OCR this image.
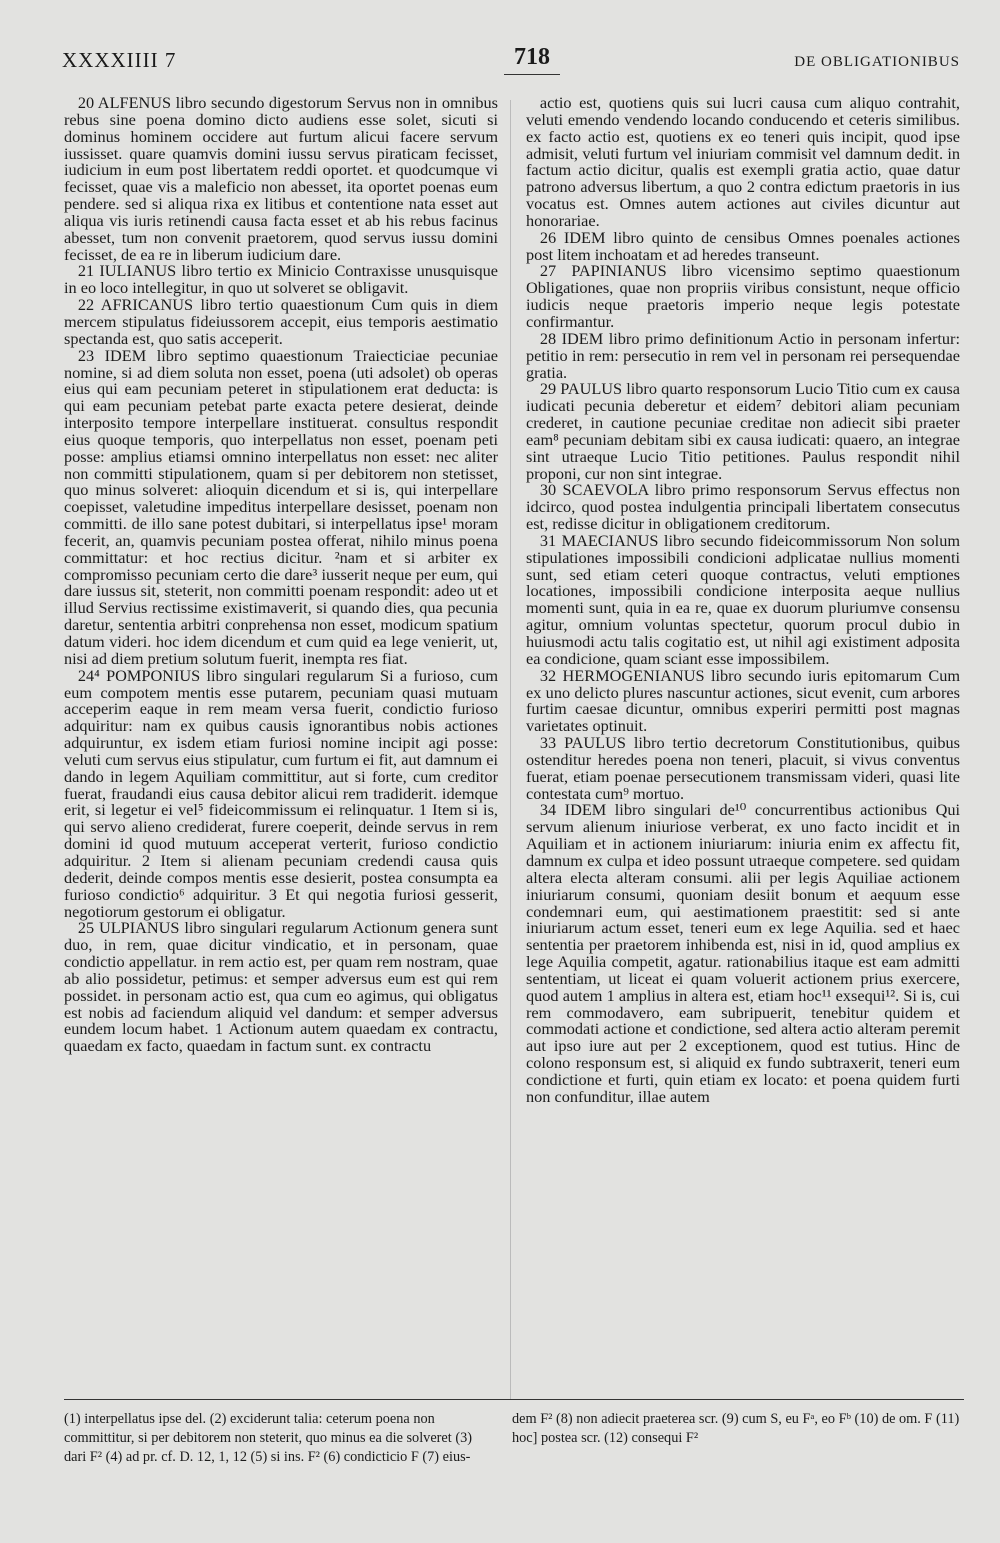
XXXXIIII 7	718	DE OBLIGATIONIBUS

20 ALFENUS libro secundo digestorum Servus non in omnibus rebus sine poena domino dicto audiens esse solet, sicuti si dominus hominem occidere aut furtum alicui facere servum iussisset. quare quamvis domini iussu servus piraticam fecisset, iudicium in eum post libertatem reddi oportet. et quodcumque vi fecisset, quae vis a maleficio non abesset, ita oportet poenas eum pendere. sed si aliqua rixa ex litibus et contentione nata esset aut aliqua vis iuris retinendi causa facta esset et ab his rebus facinus abesset, tum non convenit praetorem, quod servus iussu domini fecisset, de ea re in liberum iudicium dare.

21 IULIANUS libro tertio ex Minicio Contraxisse unusquisque in eo loco intellegitur, in quo ut solveret se obligavit.

22 AFRICANUS libro tertio quaestionum Cum quis in diem mercem stipulatus fideiussorem accepit, eius temporis aestimatio spectanda est, quo satis acceperit.

23 IDEM libro septimo quaestionum Traiecticiae pecuniae nomine, si ad diem soluta non esset, poena (uti adsolet) ob operas eius qui eam pecuniam peteret in stipulationem erat deducta: is qui eam pecuniam petebat parte exacta petere desierat, deinde interposito tempore interpellare instituerat. consultus respondit eius quoque temporis, quo interpellatus non esset, poenam peti posse: amplius etiamsi omnino interpellatus non esset: nec aliter non committi stipulationem, quam si per debitorem non stetisset, quo minus solveret: alioquin dicendum et si is, qui interpellare coepisset, valetudine impeditus interpellare desisset, poenam non committi. de illo sane potest dubitari, si interpellatus ipse¹ moram fecerit, an, quamvis pecuniam postea offerat, nihilo minus poena committatur: et hoc rectius dicitur. ²nam et si arbiter ex compromisso pecuniam certo die dare³ iusserit neque per eum, qui dare iussus sit, steterit, non committi poenam respondit: adeo ut et illud Servius rectissime existimaverit, si quando dies, qua pecunia daretur, sententia arbitri conprehensa non esset, modicum spatium datum videri. hoc idem dicendum et cum quid ea lege venierit, ut, nisi ad diem pretium solutum fuerit, inempta res fiat.

24⁴ POMPONIUS libro singulari regularum Si a furioso, cum eum compotem mentis esse putarem, pecuniam quasi mutuam acceperim eaque in rem meam versa fuerit, condictio furioso adquiritur: nam ex quibus causis ignorantibus nobis actiones adquiruntur, ex isdem etiam furiosi nomine incipit agi posse: veluti cum servus eius stipulatur, cum furtum ei fit, aut damnum ei dando in legem Aquiliam committitur, aut si forte, cum creditor fuerat, fraudandi eius causa debitor alicui rem tradiderit. idemque erit, si legetur ei vel⁵ fideicommissum ei relinquatur. 1 Item si is, qui servo alieno crediderat, furere coeperit, deinde servus in rem domini id quod mutuum acceperat verterit, furioso condictio adquiritur. 2 Item si alienam pecuniam credendi causa quis dederit, deinde compos mentis esse desierit, postea consumpta ea furioso condictio⁶ adquiritur. 3 Et qui negotia furiosi gesserit, negotiorum gestorum ei obligatur.

25 ULPIANUS libro singulari regularum Actionum genera sunt duo, in rem, quae dicitur vindicatio, et in personam, quae condictio appellatur. in rem actio est, per quam rem nostram, quae ab alio possidetur, petimus: et semper adversus eum est qui rem possidet. in personam actio est, qua cum eo agimus, qui obligatus est nobis ad faciendum aliquid vel dandum: et semper adversus eundem locum habet. 1 Actionum autem quaedam ex contractu, quaedam ex facto, quaedam in factum sunt. ex contractu

actio est, quotiens quis sui lucri causa cum aliquo contrahit, veluti emendo vendendo locando conducendo et ceteris similibus. ex facto actio est, quotiens ex eo teneri quis incipit, quod ipse admisit, veluti furtum vel iniuriam commisit vel damnum dedit. in factum actio dicitur, qualis est exempli gratia actio, quae datur patrono adversus libertum, a quo 2 contra edictum praetoris in ius vocatus est. Omnes autem actiones aut civiles dicuntur aut honorariae.

26 IDEM libro quinto de censibus Omnes poenales actiones post litem inchoatam et ad heredes transeunt.

27 PAPINIANUS libro vicensimo septimo quaestionum Obligationes, quae non propriis viribus consistunt, neque officio iudicis neque praetoris imperio neque legis potestate confirmantur.

28 IDEM libro primo definitionum Actio in personam infertur: petitio in rem: persecutio in rem vel in personam rei persequendae gratia.

29 PAULUS libro quarto responsorum Lucio Titio cum ex causa iudicati pecunia deberetur et eidem⁷ debitori aliam pecuniam crederet, in cautione pecuniae creditae non adiecit sibi praeter eam⁸ pecuniam debitam sibi ex causa iudicati: quaero, an integrae sint utraeque Lucio Titio petitiones. Paulus respondit nihil proponi, cur non sint integrae.

30 SCAEVOLA libro primo responsorum Servus effectus non idcirco, quod postea indulgentia principali libertatem consecutus est, redisse dicitur in obligationem creditorum.

31 MAECIANUS libro secundo fideicommissorum Non solum stipulationes impossibili condicioni adplicatae nullius momenti sunt, sed etiam ceteri quoque contractus, veluti emptiones locationes, impossibili condicione interposita aeque nullius momenti sunt, quia in ea re, quae ex duorum pluriumve consensu agitur, omnium voluntas spectetur, quorum procul dubio in huiusmodi actu talis cogitatio est, ut nihil agi existiment adposita ea condicione, quam sciant esse impossibilem.

32 HERMOGENIANUS libro secundo iuris epitomarum Cum ex uno delicto plures nascuntur actiones, sicut evenit, cum arbores furtim caesae dicuntur, omnibus experiri permitti post magnas varietates optinuit.

33 PAULUS libro tertio decretorum Constitutionibus, quibus ostenditur heredes poena non teneri, placuit, si vivus conventus fuerat, etiam poenae persecutionem transmissam videri, quasi lite contestata cum⁹ mortuo.

34 IDEM libro singulari de¹⁰ concurrentibus actionibus Qui servum alienum iniuriose verberat, ex uno facto incidit et in Aquiliam et in actionem iniuriarum: iniuria enim ex affectu fit, damnum ex culpa et ideo possunt utraeque competere. sed quidam altera electa alteram consumi. alii per legis Aquiliae actionem iniuriarum consumi, quoniam desiit bonum et aequum esse condemnari eum, qui aestimationem praestitit: sed si ante iniuriarum actum esset, teneri eum ex lege Aquilia. sed et haec sententia per praetorem inhibenda est, nisi in id, quod amplius ex lege Aquilia competit, agatur. rationabilius itaque est eam admitti sententiam, ut liceat ei quam voluerit actionem prius exercere, quod autem 1 amplius in altera est, etiam hoc¹¹ exsequi¹². Si is, cui rem commodavero, eam subripuerit, tenebitur quidem et commodati actione et condictione, sed altera actio alteram peremit aut ipso iure aut per 2 exceptionem, quod est tutius. Hinc de colono responsum est, si aliquid ex fundo subtraxerit, teneri eum condictione et furti, quin etiam ex locato: et poena quidem furti non confunditur, illae autem

(1) interpellatus ipse del. (2) exciderunt talia: ceterum poena non committitur, si per debitorem non steterit, quo minus ea die solveret (3) dari F² (4) ad pr. cf. D. 12, 1, 12 (5) si ins. F² (6) condicticio F (7) eius-

dem F² (8) non adiecit praeterea scr. (9) cum S, eu Fᵃ, eo Fᵇ (10) de om. F (11) hoc] postea scr. (12) consequi F²
